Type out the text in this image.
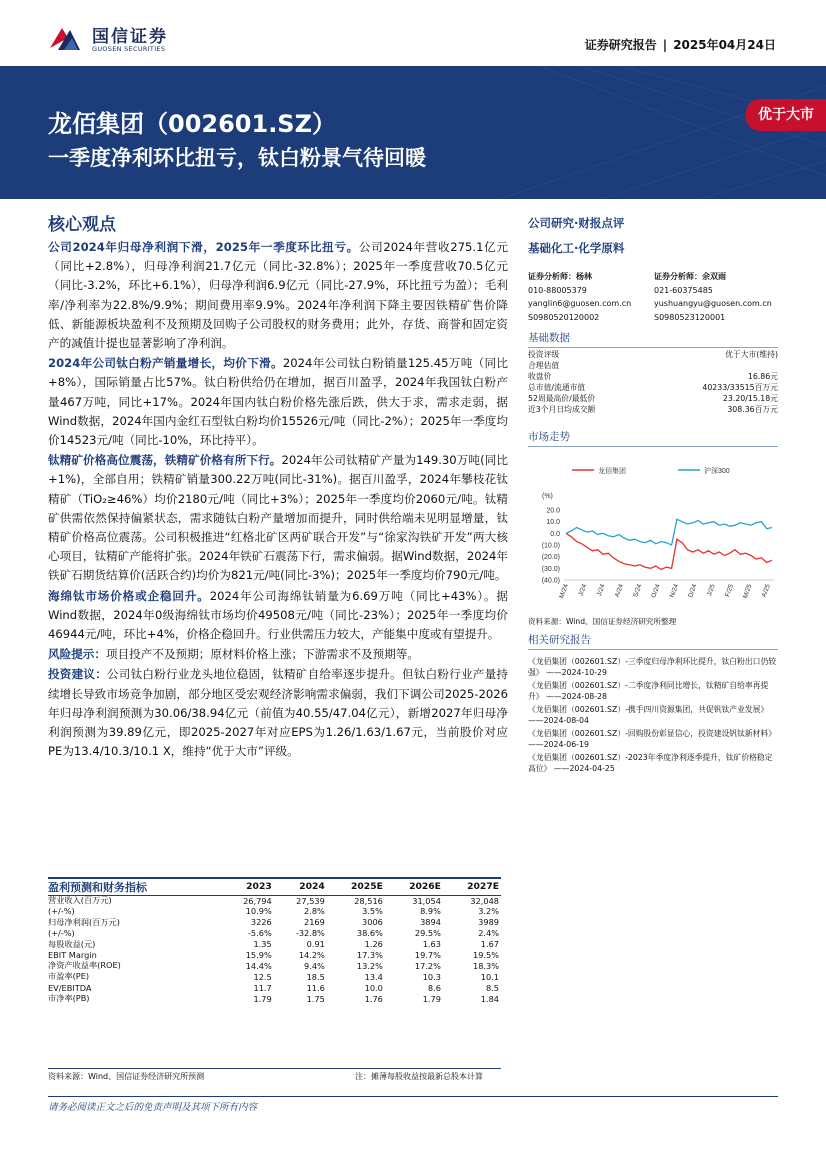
国信证券
GUOSEN SECURITIES	证券研究报告 | 2025年04月24日
龙佰集团（002601.SZ）
一季度净利环比扭亏，钛白粉景气待回暖
优于大市
核心观点

公司2024年归母净利润下滑，2025年一季度环比扭亏。公司2024年营收275.1亿元（同比+2.8%），归母净利润21.7亿元（同比-32.8%）；2025年一季度营收70.5亿元（同比-3.2%，环比+6.1%），归母净利润6.9亿元（同比-27.9%，环比扭亏为盈）；毛利率/净利率为22.8%/9.9%；期间费用率9.9%。2024年净利润下降主要因铁精矿售价降低、新能源板块盈利不及预期及回购子公司股权的财务费用；此外，存货、商誉和固定资产的减值计提也显著影响了净利润。

2024年公司钛白粉产销量增长，均价下滑。2024年公司钛白粉销量125.45万吨（同比+8%），国际销量占比57%。钛白粉供给仍在增加，据百川盈孚，2024年我国钛白粉产量467万吨，同比+17%。2024年国内钛白粉价格先涨后跌，供大于求，需求走弱，据Wind数据，2024年国内金红石型钛白粉均价15526元/吨（同比-2%）；2025年一季度均价14523元/吨（同比-10%，环比持平）。

钛精矿价格高位震荡，铁精矿价格有所下行。2024年公司钛精矿产量为149.30万吨(同比+1%)，全部自用；铁精矿销量300.22万吨(同比-31%)。据百川盈孚，2024年攀枝花钛精矿（TiO₂≥46%）均价2180元/吨（同比+3%）；2025年一季度均价2060元/吨。钛精矿供需依然保持偏紧状态，需求随钛白粉产量增加而提升，同时供给端未见明显增量，钛精矿价格高位震荡。公司积极推进“红格北矿区两矿联合开发”与“徐家沟铁矿开发”两大核心项目，钛精矿产能将扩张。2024年铁矿石震荡下行，需求偏弱。据Wind数据，2024年铁矿石期货结算价(活跃合约)均价为821元/吨(同比-3%)；2025年一季度均价790元/吨。

海绵钛市场价格或企稳回升。2024年公司海绵钛销量为6.69万吨（同比+43%）。据Wind数据，2024年0级海绵钛市场均价49508元/吨（同比-23%）；2025年一季度均价46944元/吨，环比+4%，价格企稳回升。行业供需压力较大，产能集中度或有望提升。

风险提示：项目投产不及预期；原材料价格上涨；下游需求不及预期等。

投资建议：公司钛白粉行业龙头地位稳固，钛精矿自给率逐步提升。但钛白粉行业产量持续增长导致市场竞争加剧，部分地区受宏观经济影响需求偏弱，我们下调公司2025-2026年归母净利润预测为30.06/38.94亿元（前值为40.55/47.04亿元），新增2027年归母净利润预测为39.89亿元，即2025-2027年对应EPS为1.26/1.63/1.67元，当前股价对应PE为13.4/10.3/10.1 X，维持“优于大市”评级。

盈利预测和财务指标	2023	2024	2025E	2026E	2027E
营业收入(百万元)	26,794	27,539	28,516	31,054	32,048
(+/-%)	10.9%	2.8%	3.5%	8.9%	3.2%
归母净利润(百万元)	3226	2169	3006	3894	3989
(+/-%)	-5.6%	-32.8%	38.6%	29.5%	2.4%
每股收益(元)	1.35	0.91	1.26	1.63	1.67
EBIT Margin	15.9%	14.2%	17.3%	19.7%	19.5%
净资产收益率(ROE)	14.4%	9.4%	13.2%	17.2%	18.3%
市盈率(PE)	12.5	18.5	13.4	10.3	10.1
EV/EBITDA	11.7	11.6	10.0	8.6	8.5
市净率(PB)	1.79	1.75	1.76	1.79	1.84
资料来源：Wind、国信证券经济研究所预测	注：摊薄每股收益按最新总股本计算
公司研究·财报点评
基础化工·化学原料
证券分析师：杨林
010-88005379
yanglin6@guosen.com.cn
S0980520120002
证券分析师：余双雨
021-60375485
yushuangyu@guosen.com.cn
S0980523120001
基础数据
投资评级	优于大市(维持)
合理估值	
收盘价	16.86元
总市值/流通市值	40233/33515百万元
52周最高价/最低价	23.20/15.18元
近3个月日均成交额	308.36百万元
市场走势
龙佰集团	沪深300
(%)
20.0
10.0
0.0
(10.0)
(20.0)
(30.0)
(40.0)
M/24 J/24 J/24 A/24 S/24 O/24 N/24 D/24 J/25 F/25 M/25 A/25
资料来源：Wind、国信证券经济研究所整理
相关研究报告
《龙佰集团（002601.SZ）-三季度归母净利环比提升，钛白粉出口仍较强》 ——2024-10-29
《龙佰集团（002601.SZ）-二季度净利同比增长，钛精矿自给率再提升》 ——2024-08-28
《龙佰集团（002601.SZ）-携手四川资源集团，共促钒钛产业发展》 ——2024-08-04
《龙佰集团（002601.SZ）-回购股份彰显信心，投资建设钒钛新材料》 ——2024-06-19
《龙佰集团（002601.SZ）-2023年季度净利逐季提升，钛矿价格稳定高位》 ——2024-04-25
请务必阅读正文之后的免责声明及其项下所有内容
